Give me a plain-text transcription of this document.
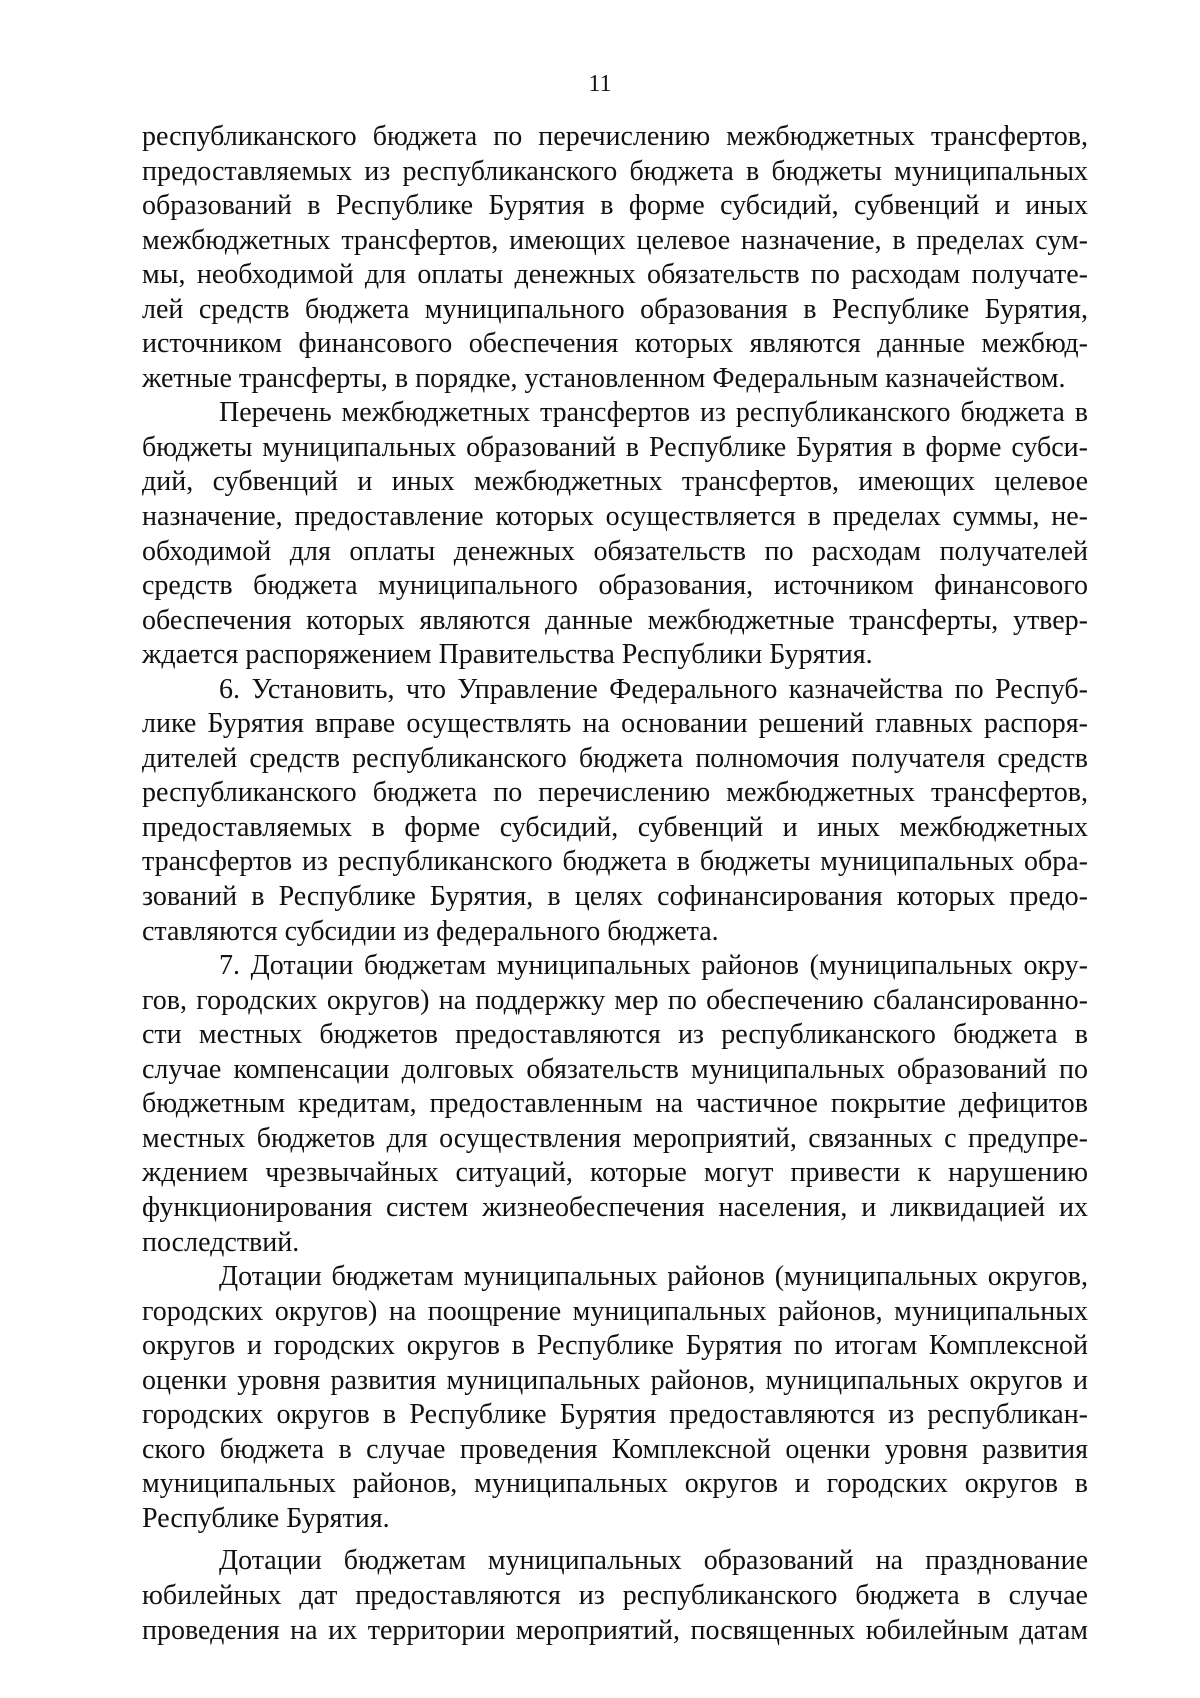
11
республиканского бюджета по перечислению межбюджетных трансфертов,
предоставляемых из республиканского бюджета в бюджеты муниципальных
образований в Республике Бурятия в форме субсидий, субвенций и иных
межбюджетных трансфертов, имеющих целевое назначение, в пределах сум-
мы, необходимой для оплаты денежных обязательств по расходам получате-
лей средств бюджета муниципального образования в Республике Бурятия,
источником финансового обеспечения которых являются данные межбюд-
жетные трансферты, в порядке, установленном Федеральным казначейством.
Перечень межбюджетных трансфертов из республиканского бюджета в
бюджеты муниципальных образований в Республике Бурятия в форме субси-
дий, субвенций и иных межбюджетных трансфертов, имеющих целевое
назначение, предоставление которых осуществляется в пределах суммы, не-
обходимой для оплаты денежных обязательств по расходам получателей
средств бюджета муниципального образования, источником финансового
обеспечения которых являются данные межбюджетные трансферты, утвер-
ждается распоряжением Правительства Республики Бурятия.
6. Установить, что Управление Федерального казначейства по Респуб-
лике Бурятия вправе осуществлять на основании решений главных распоря-
дителей средств республиканского бюджета полномочия получателя средств
республиканского бюджета по перечислению межбюджетных трансфертов,
предоставляемых в форме субсидий, субвенций и иных межбюджетных
трансфертов из республиканского бюджета в бюджеты муниципальных обра-
зований в Республике Бурятия, в целях софинансирования которых предо-
ставляются субсидии из федерального бюджета.
7. Дотации бюджетам муниципальных районов (муниципальных окру-
гов, городских округов) на поддержку мер по обеспечению сбалансированно-
сти местных бюджетов предоставляются из республиканского бюджета в
случае компенсации долговых обязательств муниципальных образований по
бюджетным кредитам, предоставленным на частичное покрытие дефицитов
местных бюджетов для осуществления мероприятий, связанных с предупре-
ждением чрезвычайных ситуаций, которые могут привести к нарушению
функционирования систем жизнеобеспечения населения, и ликвидацией их
последствий.
Дотации бюджетам муниципальных районов (муниципальных округов,
городских округов) на поощрение муниципальных районов, муниципальных
округов и городских округов в Республике Бурятия по итогам Комплексной
оценки уровня развития муниципальных районов, муниципальных округов и
городских округов в Республике Бурятия предоставляются из республикан-
ского бюджета в случае проведения Комплексной оценки уровня развития
муниципальных районов, муниципальных округов и городских округов в
Республике Бурятия.
Дотации бюджетам муниципальных образований на празднование
юбилейных дат предоставляются из республиканского бюджета в случае
проведения на их территории мероприятий, посвященных юбилейным датам
